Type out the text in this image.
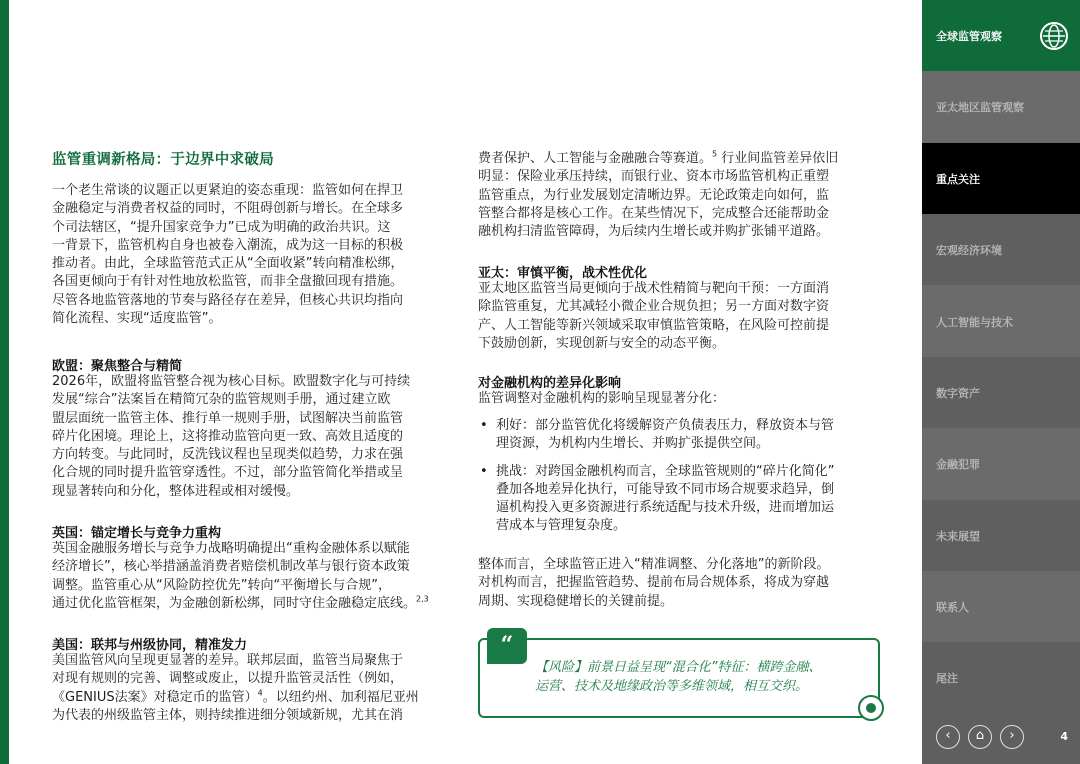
监管重调新格局：于边界中求破局
一个老生常谈的议题正以更紧迫的姿态重现：监管如何在捍卫
金融稳定与消费者权益的同时，不阻碍创新与增长。在全球多
个司法辖区，“提升国家竞争力”已成为明确的政治共识。这
一背景下，监管机构自身也被卷入潮流，成为这一目标的积极
推动者。由此，全球监管范式正从“全面收紧”转向精准松绑，
各国更倾向于有针对性地放松监管，而非全盘撤回现有措施。
尽管各地监管落地的节奏与路径存在差异，但核心共识均指向
简化流程、实现“适度监管”。
欧盟：聚焦整合与精简
2026年，欧盟将监管整合视为核心目标。欧盟数字化与可持续
发展“综合”法案旨在精简冗杂的监管规则手册，通过建立欧
盟层面统一监管主体、推行单一规则手册，试图解决当前监管
碎片化困境。理论上，这将推动监管向更一致、高效且适度的
方向转变。与此同时，反洗钱议程也呈现类似趋势，力求在强
化合规的同时提升监管穿透性。不过，部分监管简化举措或呈
现显著转向和分化，整体进程或相对缓慢。
英国：锚定增长与竞争力重构
英国金融服务增长与竞争力战略明确提出“重构金融体系以赋能
经济增长”，核心举措涵盖消费者赔偿机制改革与银行资本政策
调整。监管重心从“风险防控优先”转向“平衡增长与合规”，
通过优化监管框架，为金融创新松绑，同时守住金融稳定底线。$^{2,3}$
美国：联邦与州级协同，精准发力
美国监管风向呈现更显著的差异。联邦层面，监管当局聚焦于
对现有规则的完善、调整或废止，以提升监管灵活性（例如，
《GENIUS法案》对稳定币的监管）$^4$。以纽约州、加利福尼亚州
为代表的州级监管主体，则持续推进细分领域新规，尤其在消
费者保护、人工智能与金融融合等赛道。$^5$ 行业间监管差异依旧
明显：保险业承压持续，而银行业、资本市场监管机构正重塑
监管重点，为行业发展划定清晰边界。无论政策走向如何，监
管整合都将是核心工作。在某些情况下，完成整合还能帮助金
融机构扫清监管障碍，为后续内生增长或并购扩张铺平道路。
亚太：审慎平衡，战术性优化
亚太地区监管当局更倾向于战术性精简与靶向干预：一方面消
除监管重复，尤其减轻小微企业合规负担；另一方面对数字资
产、人工智能等新兴领域采取审慎监管策略，在风险可控前提
下鼓励创新，实现创新与安全的动态平衡。
对金融机构的差异化影响
监管调整对金融机构的影响呈现显著分化：
• 利好：部分监管优化将缓解资产负债表压力，释放资本与管
理资源，为机构内生增长、并购扩张提供空间。
• 挑战：对跨国金融机构而言，全球监管规则的“碎片化简化”
叠加各地差异化执行，可能导致不同市场合规要求趋异，倒
逼机构投入更多资源进行系统适配与技术升级，进而增加运
营成本与管理复杂度。
整体而言，全球监管正进入“精准调整、分化落地”的新阶段。
对机构而言，把握监管趋势、提前布局合规体系，将成为穿越
周期、实现稳健增长的关键前提。
“
【风险】前景日益呈现“混合化”特征：横跨金融、
运营、技术及地缘政治等多维领域，相互交织。
全球监管观察
亚太地区监管观察
重点关注
宏观经济环境
人工智能与技术
数字资产
金融犯罪
未来展望
联系人
尾注
‹	⌂	›	4
